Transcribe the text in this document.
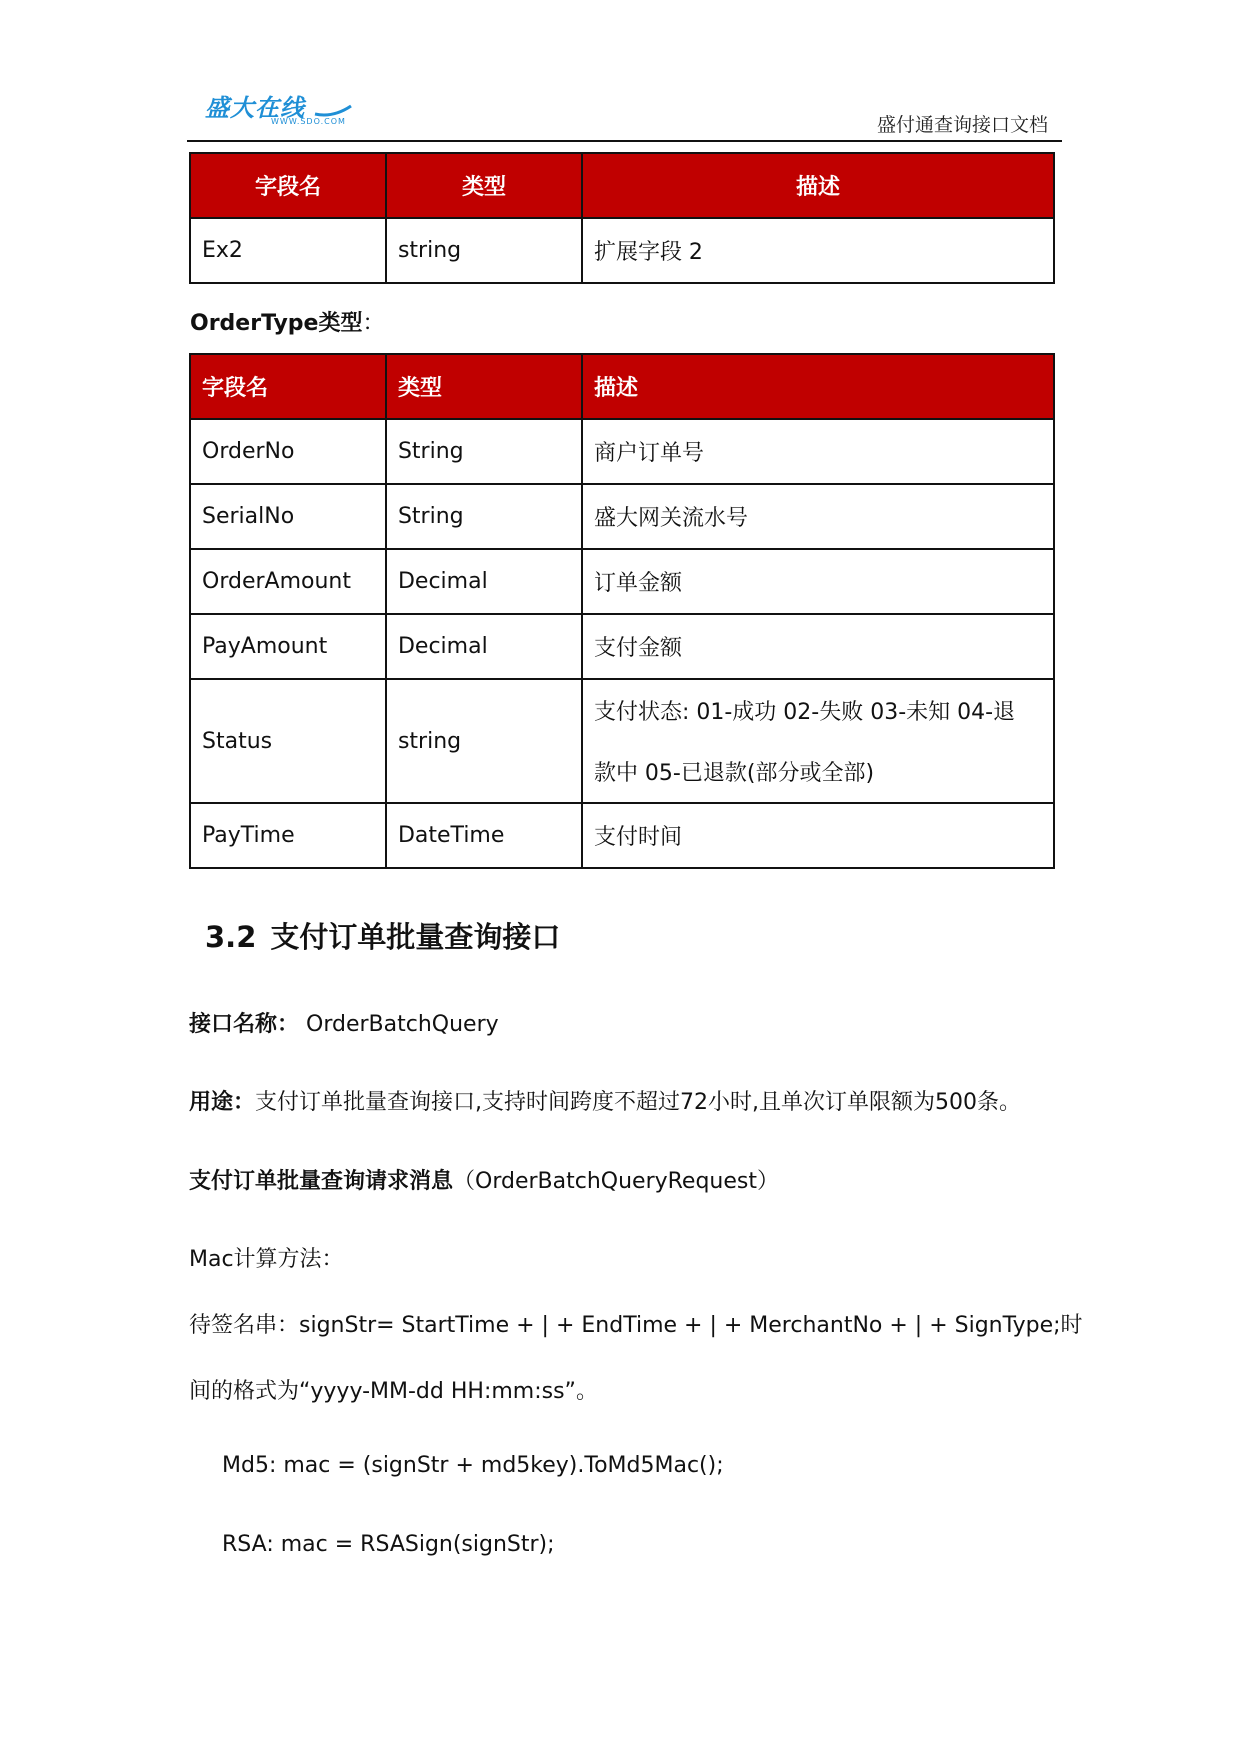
盛大在线
WWW.SDO.COM	盛付通查询接口文档
字段名	类型	描述
Ex2	string	扩展字段 2
OrderType类型：
字段名	类型	描述
OrderNo	String	商户订单号
SerialNo	String	盛大网关流水号
OrderAmount	Decimal	订单金额
PayAmount	Decimal	支付金额
Status	string	支付状态: 01-成功 02-失败 03-未知 04-退
款中 05-已退款(部分或全部)

PayTime	DateTime	支付时间
3.2 支付订单批量查询接口
接口名称： OrderBatchQuery
用途：支付订单批量查询接口,支持时间跨度不超过72小时,且单次订单限额为500条。
支付订单批量查询请求消息（OrderBatchQueryRequest）
Mac计算方法：
待签名串：signStr= StartTime + | + EndTime + | + MerchantNo + | + SignType;时
间的格式为“yyyy-MM-dd HH:mm:ss”。
Md5: mac = (signStr + md5key).ToMd5Mac();
RSA: mac = RSASign(signStr);
